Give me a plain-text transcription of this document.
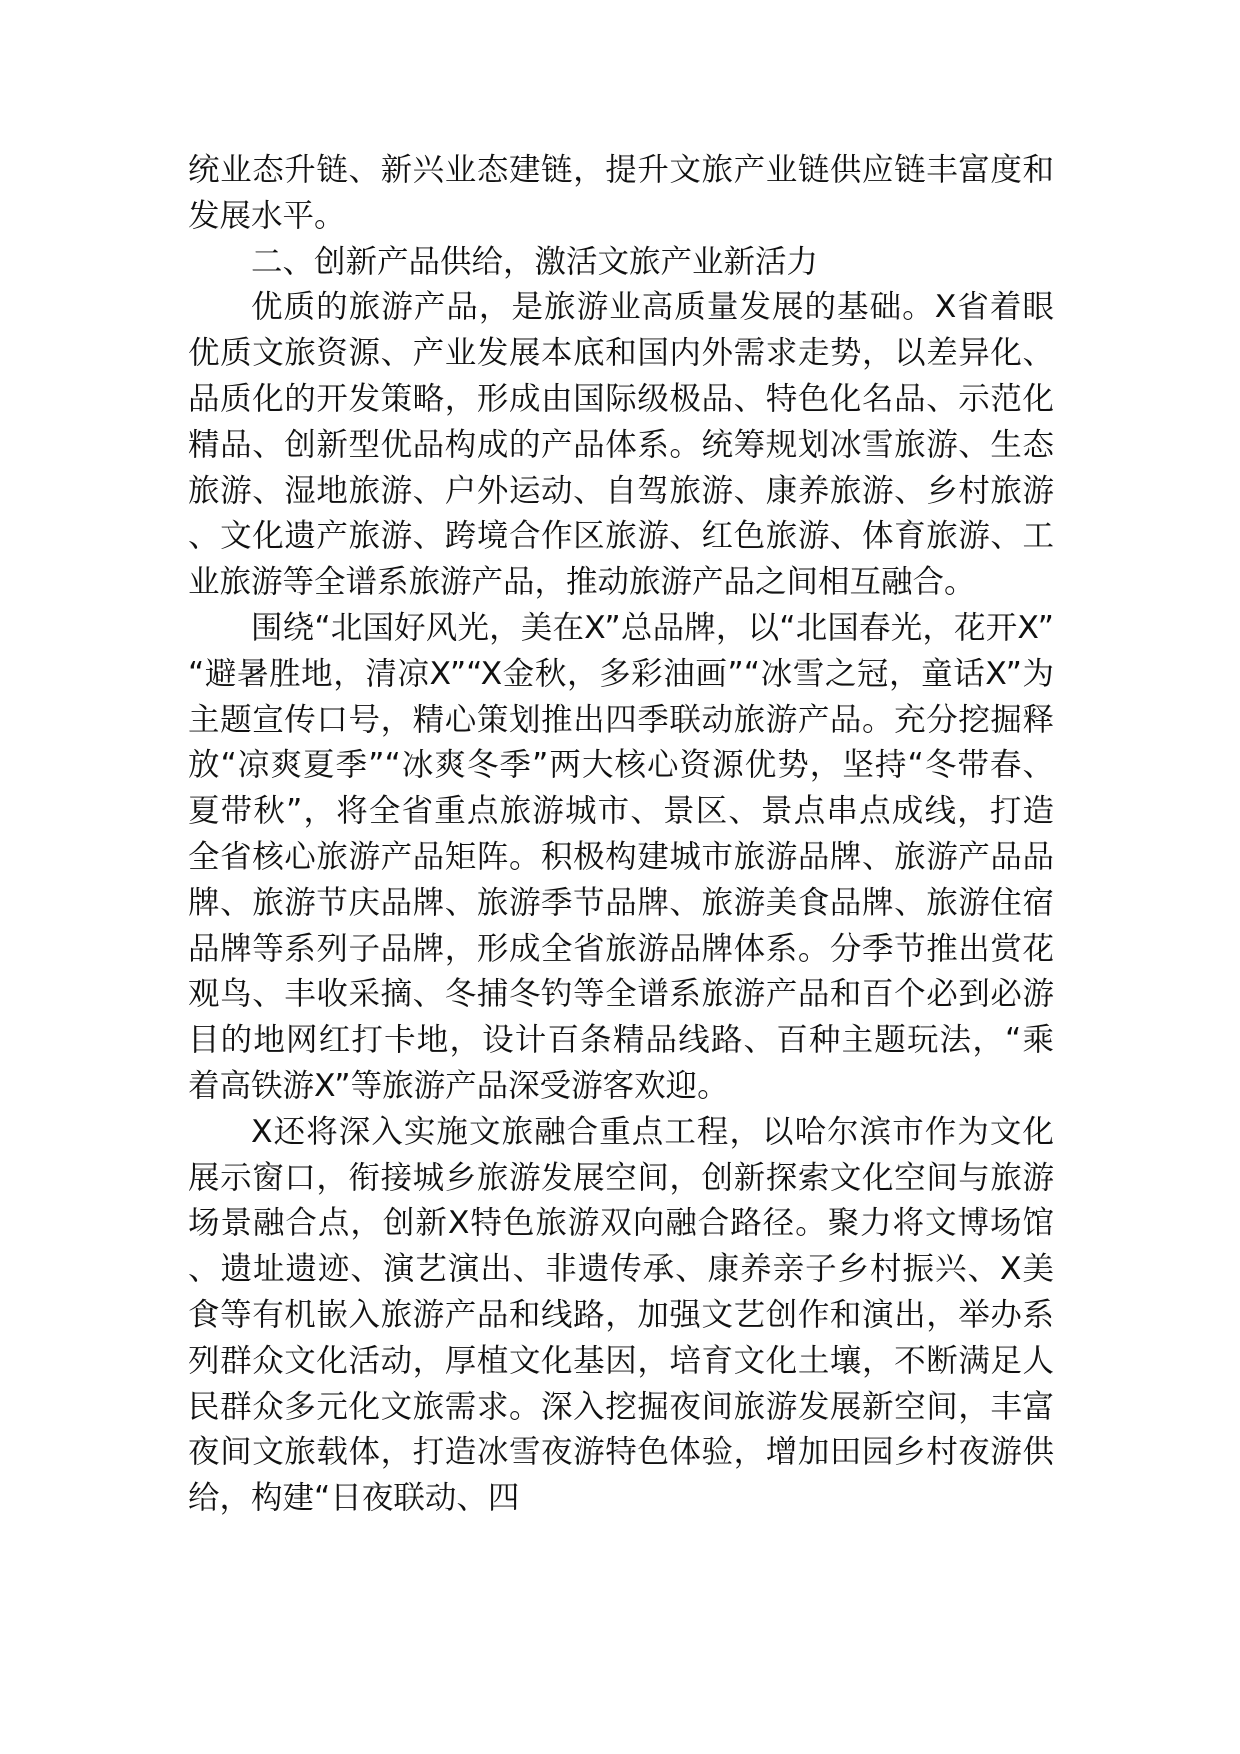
统业态升链、新兴业态建链，提升文旅产业链供应链丰富度和发展水平。

二、创新产品供给，激活文旅产业新活力

优质的旅游产品，是旅游业高质量发展的基础。X省着眼优质文旅资源、产业发展本底和国内外需求走势，以差异化、品质化的开发策略，形成由国际级极品、特色化名品、示范化精品、创新型优品构成的产品体系。统筹规划冰雪旅游、生态旅游、湿地旅游、户外运动、自驾旅游、康养旅游、乡村旅游、文化遗产旅游、跨境合作区旅游、红色旅游、体育旅游、工业旅游等全谱系旅游产品，推动旅游产品之间相互融合。

围绕“北国好风光，美在X”总品牌，以“北国春光，花开X”“避暑胜地，清凉X”“X金秋，多彩油画”“冰雪之冠，童话X”为主题宣传口号，精心策划推出四季联动旅游产品。充分挖掘释放“凉爽夏季”“冰爽冬季”两大核心资源优势，坚持“冬带春、夏带秋”，将全省重点旅游城市、景区、景点串点成线，打造全省核心旅游产品矩阵。积极构建城市旅游品牌、旅游产品品牌、旅游节庆品牌、旅游季节品牌、旅游美食品牌、旅游住宿品牌等系列子品牌，形成全省旅游品牌体系。分季节推出赏花观鸟、丰收采摘、冬捕冬钓等全谱系旅游产品和百个必到必游目的地网红打卡地，设计百条精品线路、百种主题玩法，“乘着高铁游X”等旅游产品深受游客欢迎。

X还将深入实施文旅融合重点工程，以哈尔滨市作为文化展示窗口，衔接城乡旅游发展空间，创新探索文化空间与旅游场景融合点，创新X特色旅游双向融合路径。聚力将文博场馆、遗址遗迹、演艺演出、非遗传承、康养亲子乡村振兴、X美食等有机嵌入旅游产品和线路，加强文艺创作和演出，举办系列群众文化活动，厚植文化基因，培育文化土壤，不断满足人民群众多元化文旅需求。深入挖掘夜间旅游发展新空间，丰富夜间文旅载体，打造冰雪夜游特色体验，增加田园乡村夜游供给，构建“日夜联动、四
